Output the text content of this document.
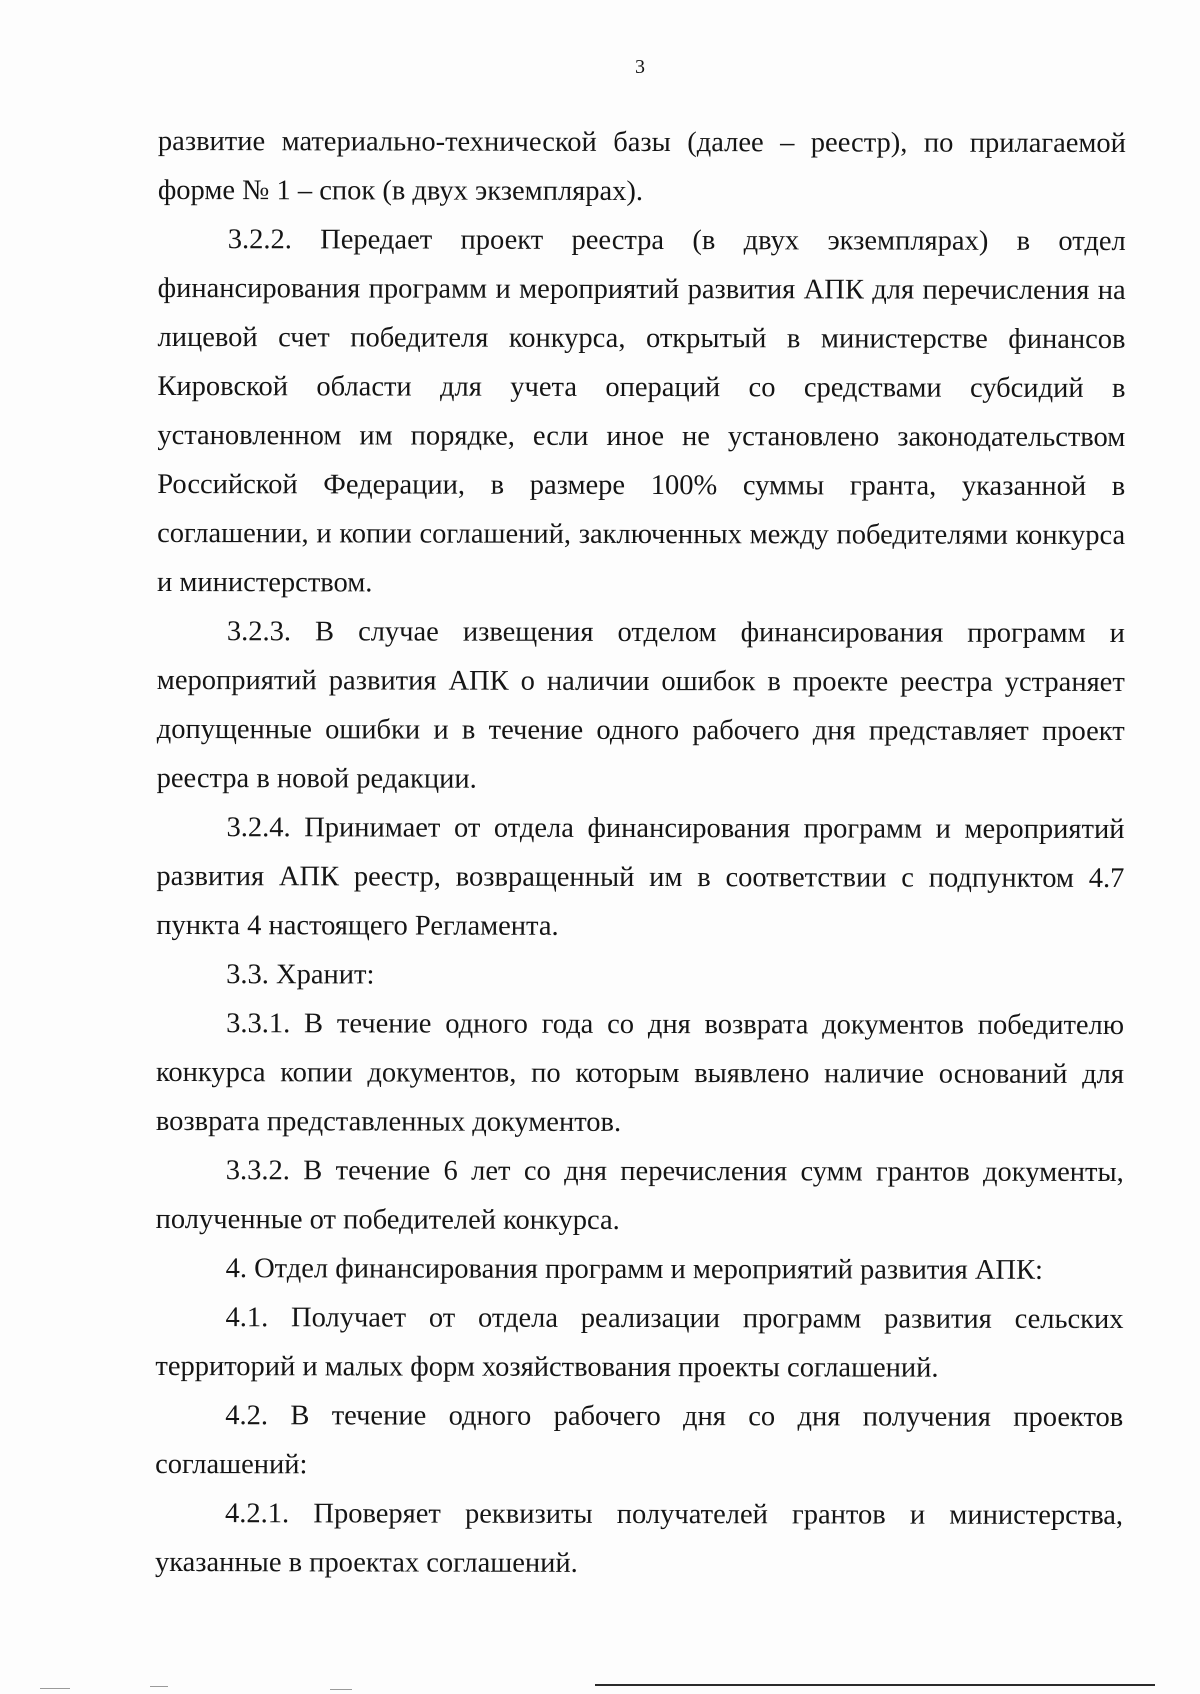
3

развитие материально-технической базы (далее – реестр), по прилагаемой форме № 1 – спок (в двух экземплярах).

3.2.2. Передает проект реестра (в двух экземплярах) в отдел финансирования программ и мероприятий развития АПК для перечисления на лицевой счет победителя конкурса, открытый в министерстве финансов Кировской области для учета операций со средствами субсидий в установленном им порядке, если иное не установлено законодательством Российской Федерации, в размере 100% суммы гранта, указанной в соглашении, и копии соглашений, заключенных между победителями конкурса и министерством.

3.2.3. В случае извещения отделом финансирования программ и мероприятий развития АПК о наличии ошибок в проекте реестра устраняет допущенные ошибки и в течение одного рабочего дня представляет проект реестра в новой редакции.

3.2.4. Принимает от отдела финансирования программ и мероприятий развития АПК реестр, возвращенный им в соответствии с подпунктом 4.7 пункта 4 настоящего Регламента.

3.3. Хранит:

3.3.1. В течение одного года со дня возврата документов победителю конкурса копии документов, по которым выявлено наличие оснований для возврата представленных документов.

3.3.2. В течение 6 лет со дня перечисления сумм грантов документы, полученные от победителей конкурса.

4. Отдел финансирования программ и мероприятий развития АПК:

4.1. Получает от отдела реализации программ развития сельских территорий и малых форм хозяйствования проекты соглашений.

4.2. В течение одного рабочего дня со дня получения проектов соглашений:

4.2.1. Проверяет реквизиты получателей грантов и министерства, указанные в проектах соглашений.
